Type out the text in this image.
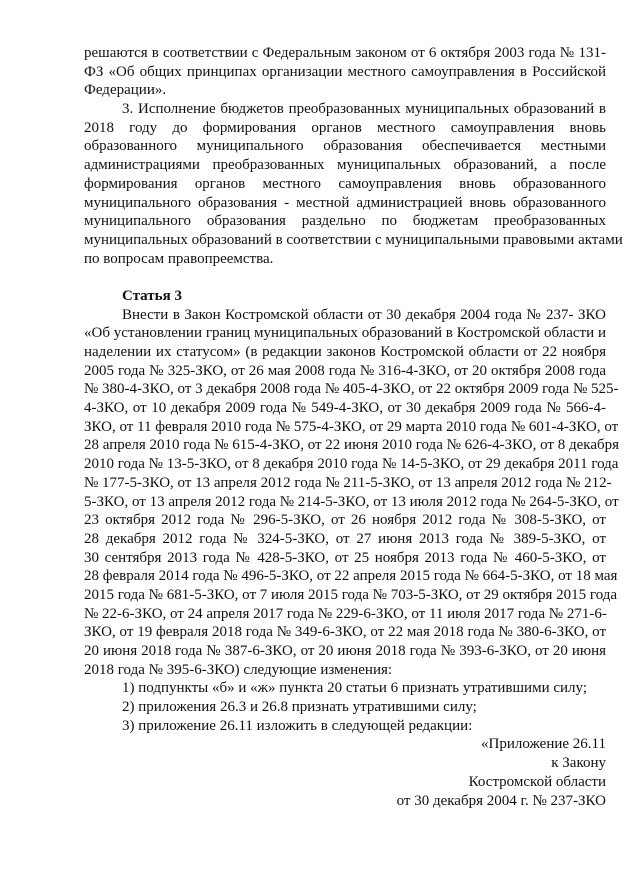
решаются в соответствии с Федеральным законом от 6 октября 2003 года № 131-
ФЗ «Об общих принципах организации местного самоуправления в Российской
Федерации».
3. Исполнение бюджетов преобразованных муниципальных образований в
2018 году до формирования органов местного самоуправления вновь
образованного муниципального образования обеспечивается местными
администрациями преобразованных муниципальных образований, а после
формирования органов местного самоуправления вновь образованного
муниципального образования - местной администрацией вновь образованного
муниципального образования раздельно по бюджетам преобразованных
муниципальных образований в соответствии с муниципальными правовыми актами
по вопросам правопреемства.
Статья 3
Внести в Закон Костромской области от 30 декабря 2004 года № 237- ЗКО
«Об установлении границ муниципальных образований в Костромской области и
наделении их статусом» (в редакции законов Костромской области от 22 ноября
2005 года № 325-ЗКО, от 26 мая 2008 года № 316-4-ЗКО, от 20 октября 2008 года
№ 380-4-ЗКО, от 3 декабря 2008 года № 405-4-ЗКО, от 22 октября 2009 года № 525-
4-ЗКО, от 10 декабря 2009 года № 549-4-ЗКО, от 30 декабря 2009 года № 566-4-
ЗКО, от 11 февраля 2010 года № 575-4-ЗКО, от 29 марта 2010 года № 601-4-ЗКО, от
28 апреля 2010 года № 615-4-ЗКО, от 22 июня 2010 года № 626-4-ЗКО, от 8 декабря
2010 года № 13-5-ЗКО, от 8 декабря 2010 года № 14-5-ЗКО, от 29 декабря 2011 года
№ 177-5-ЗКО, от 13 апреля 2012 года № 211-5-ЗКО, от 13 апреля 2012 года № 212-
5-ЗКО, от 13 апреля 2012 года № 214-5-ЗКО, от 13 июля 2012 года № 264-5-ЗКО, от
23 октября 2012 года № 296-5-ЗКО, от 26 ноября 2012 года № 308-5-ЗКО, от
28 декабря 2012 года № 324-5-ЗКО, от 27 июня 2013 года № 389-5-ЗКО, от
30 сентября 2013 года № 428-5-ЗКО, от 25 ноября 2013 года № 460-5-ЗКО, от
28 февраля 2014 года № 496-5-ЗКО, от 22 апреля 2015 года № 664-5-ЗКО, от 18 мая
2015 года № 681-5-ЗКО, от 7 июля 2015 года № 703-5-ЗКО, от 29 октября 2015 года
№ 22-6-ЗКО, от 24 апреля 2017 года № 229-6-ЗКО, от 11 июля 2017 года № 271-6-
ЗКО, от 19 февраля 2018 года № 349-6-ЗКО, от 22 мая 2018 года № 380-6-ЗКО, от
20 июня 2018 года № 387-6-ЗКО, от 20 июня 2018 года № 393-6-ЗКО, от 20 июня
2018 года № 395-6-ЗКО) следующие изменения:
1) подпункты «б» и «ж» пункта 20 статьи 6 признать утратившими силу;
2) приложения 26.3 и 26.8 признать утратившими силу;
3) приложение 26.11 изложить в следующей редакции:
«Приложение 26.11
к Закону
Костромской области
от 30 декабря 2004 г. № 237-ЗКО
